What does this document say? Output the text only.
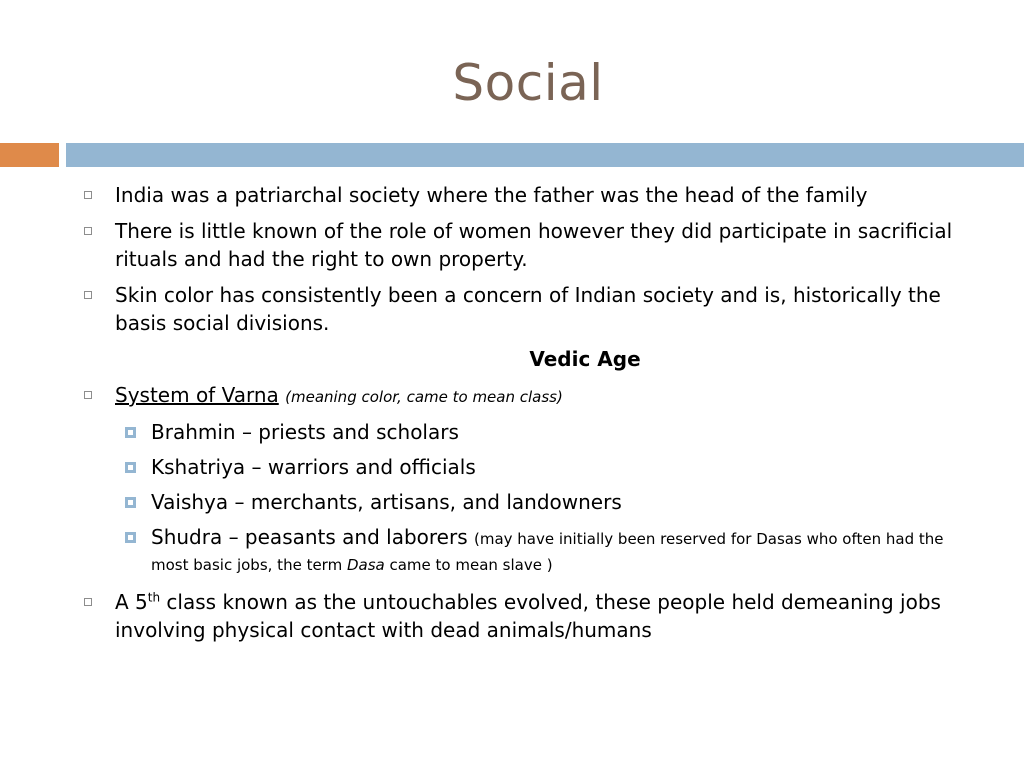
Social
India was a patriarchal society where the father was the head of the family
There is little known of the role of women however they did participate in sacrificial rituals and had the right to own property.
Skin color has consistently been a concern of Indian society and is, historically the basis social divisions.
Vedic Age
System of Varna (meaning color, came to mean class)
Brahmin – priests and scholars
Kshatriya – warriors and officials
Vaishya – merchants, artisans, and landowners
Shudra – peasants and laborers (may have initially been reserved for Dasas who often had the most basic jobs, the term Dasa came to mean slave )
A 5th class known as the untouchables evolved, these people held demeaning jobs involving physical contact with dead animals/humans
